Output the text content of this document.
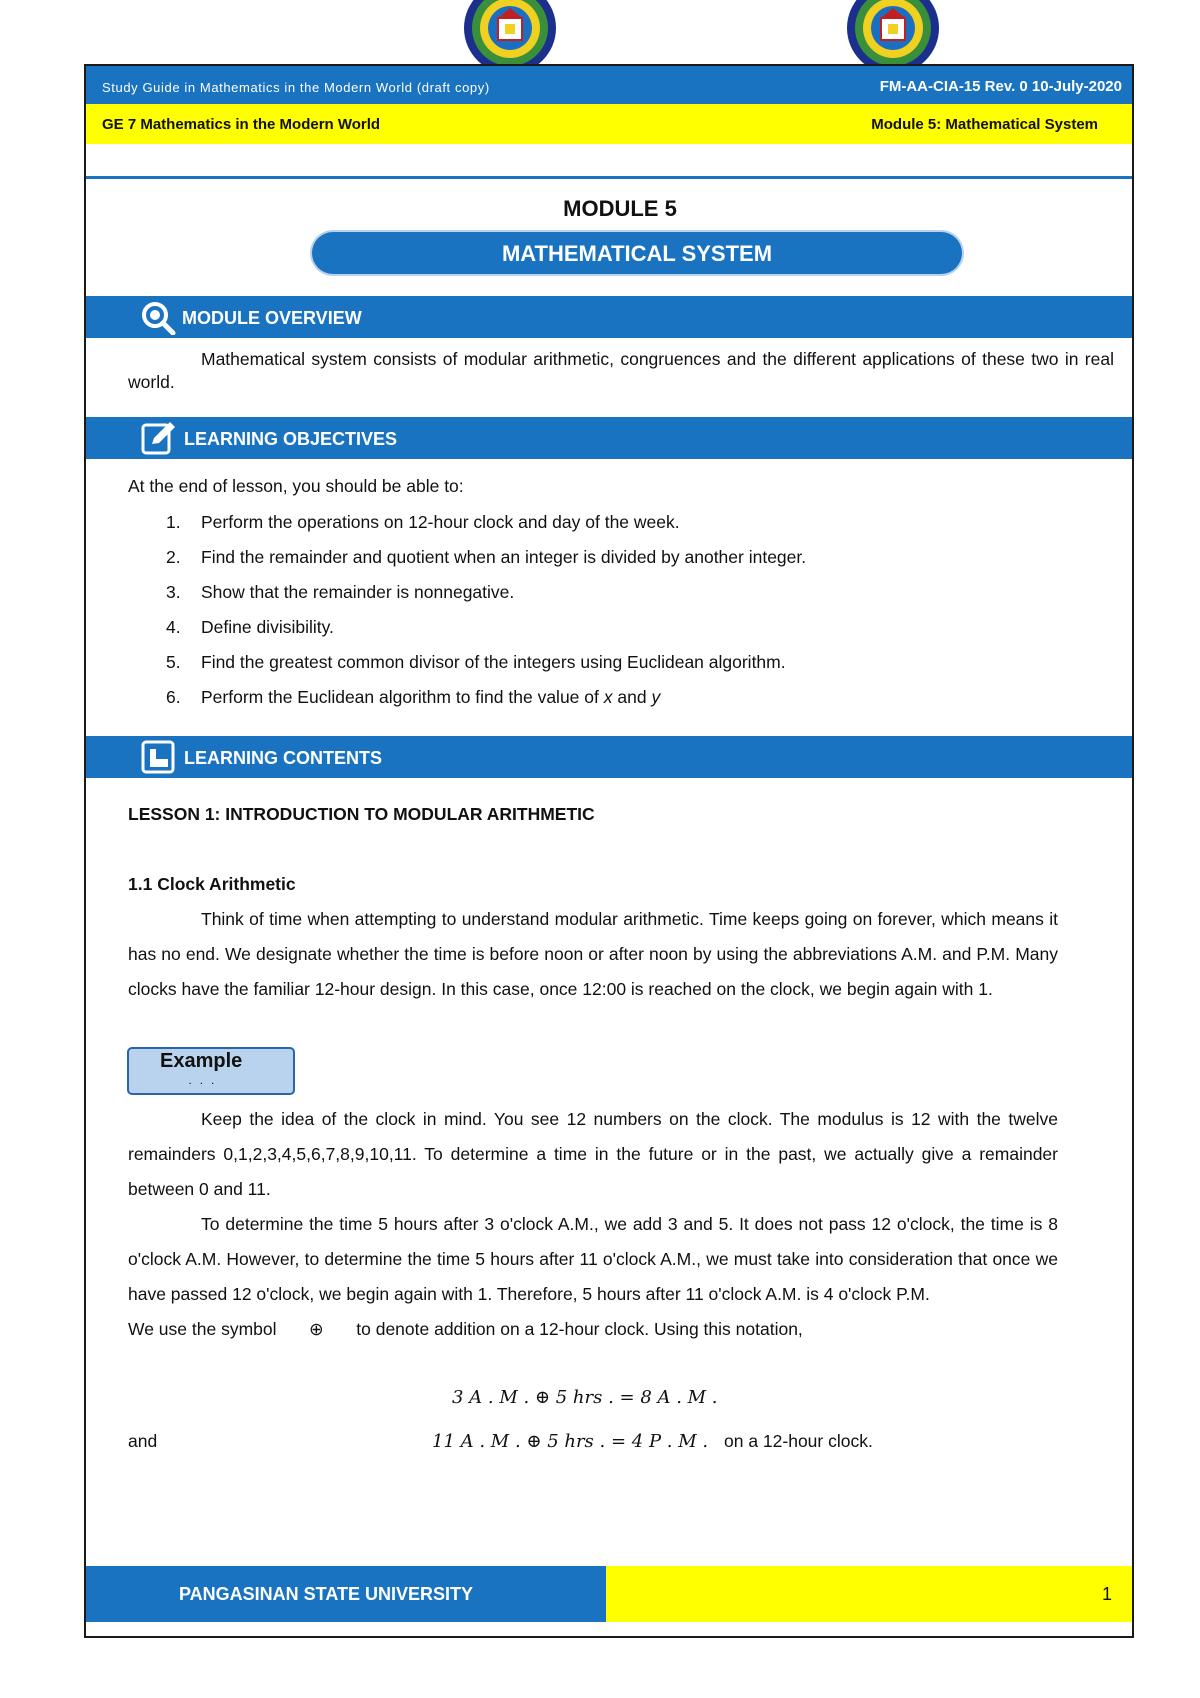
Study Guide in Mathematics in the Modern World (draft copy)	FM-AA-CIA-15 Rev. 0 10-July-2020
GE 7 Mathematics in the Modern World	Module 5: Mathematical System
MODULE 5
MATHEMATICAL SYSTEM
MODULE OVERVIEW

Mathematical system consists of modular arithmetic, congruences and the different applications of these two in real world.

LEARNING OBJECTIVES
At the end of lesson, you should be able to:
1. Perform the operations on 12-hour clock and day of the week.
2. Find the remainder and quotient when an integer is divided by another integer.
3. Show that the remainder is nonnegative.
4. Define divisibility.
5. Find the greatest common divisor of the integers using Euclidean algorithm.
6. Perform the Euclidean algorithm to find the value of x and y
LEARNING CONTENTS
LESSON 1: INTRODUCTION TO MODULAR ARITHMETIC
1.1 Clock Arithmetic

Think of time when attempting to understand modular arithmetic. Time keeps going on forever, which means it has no end. We designate whether the time is before noon or after noon by using the abbreviations A.M. and P.M. Many clocks have the familiar 12-hour design. In this case, once 12:00 is reached on the clock, we begin again with 1.

Example
...

Keep the idea of the clock in mind. You see 12 numbers on the clock. The modulus is 12 with the twelve remainders 0,1,2,3,4,5,6,7,8,9,10,11. To determine a time in the future or in the past, we actually give a remainder between 0 and 11.

To determine the time 5 hours after 3 o'clock A.M., we add 3 and 5. It does not pass 12 o'clock, the time is 8 o'clock A.M. However, to determine the time 5 hours after 11 o'clock A.M., we must take into consideration that once we have passed 12 o'clock, we begin again with 1. Therefore, 5 hours after 11 o'clock A.M. is 4 o'clock P.M.

We use the symbol ⊕ to denote addition on a 12-hour clock. Using this notation,

3 A . M . ⊕ 5 hrs . = 8 A . M .
and	11 A . M . ⊕ 5 hrs . = 4 P . M . on a 12-hour clock.
PANGASINAN STATE UNIVERSITY	1
